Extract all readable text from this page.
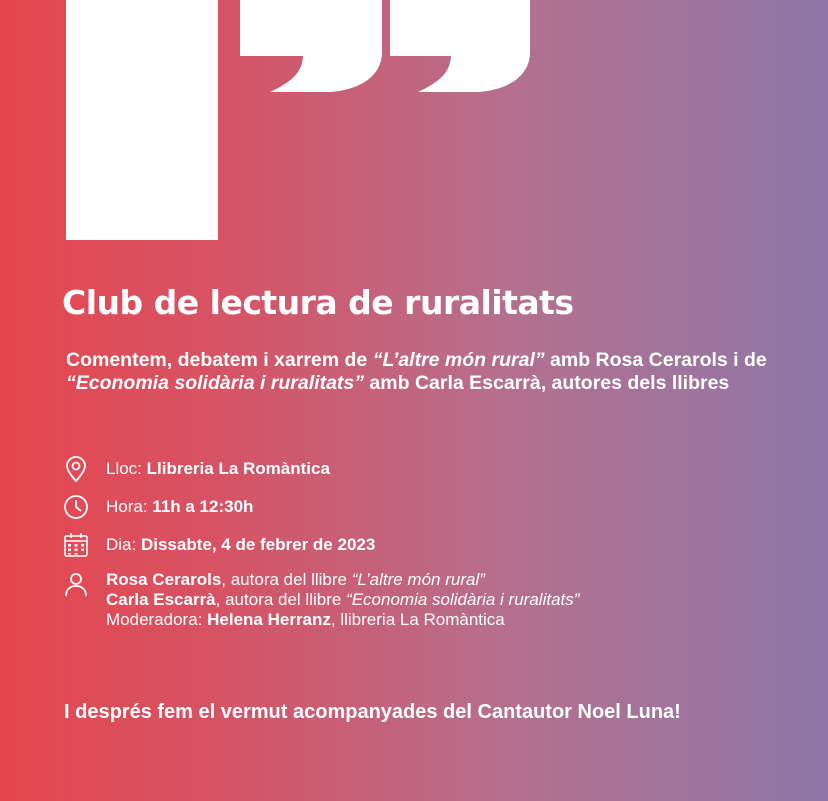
Club de lectura de ruralitats

Comentem, debatem i xarrem de “L’altre món rural” amb Rosa Cerarols i de “Economia solidària i ruralitats” amb Carla Escarrà, autores dels llibres

Lloc: Llibreria La Romàntica
Hora: 11h a 12:30h
Dia: Dissabte, 4 de febrer de 2023
Rosa Cerarols, autora del llibre “L’altre món rural”
Carla Escarrà, autora del llibre “Economia solidària i ruralitats”
Moderadora: Helena Herranz, llibreria La Romàntica

I després fem el vermut acompanyades del Cantautor Noel Luna!
